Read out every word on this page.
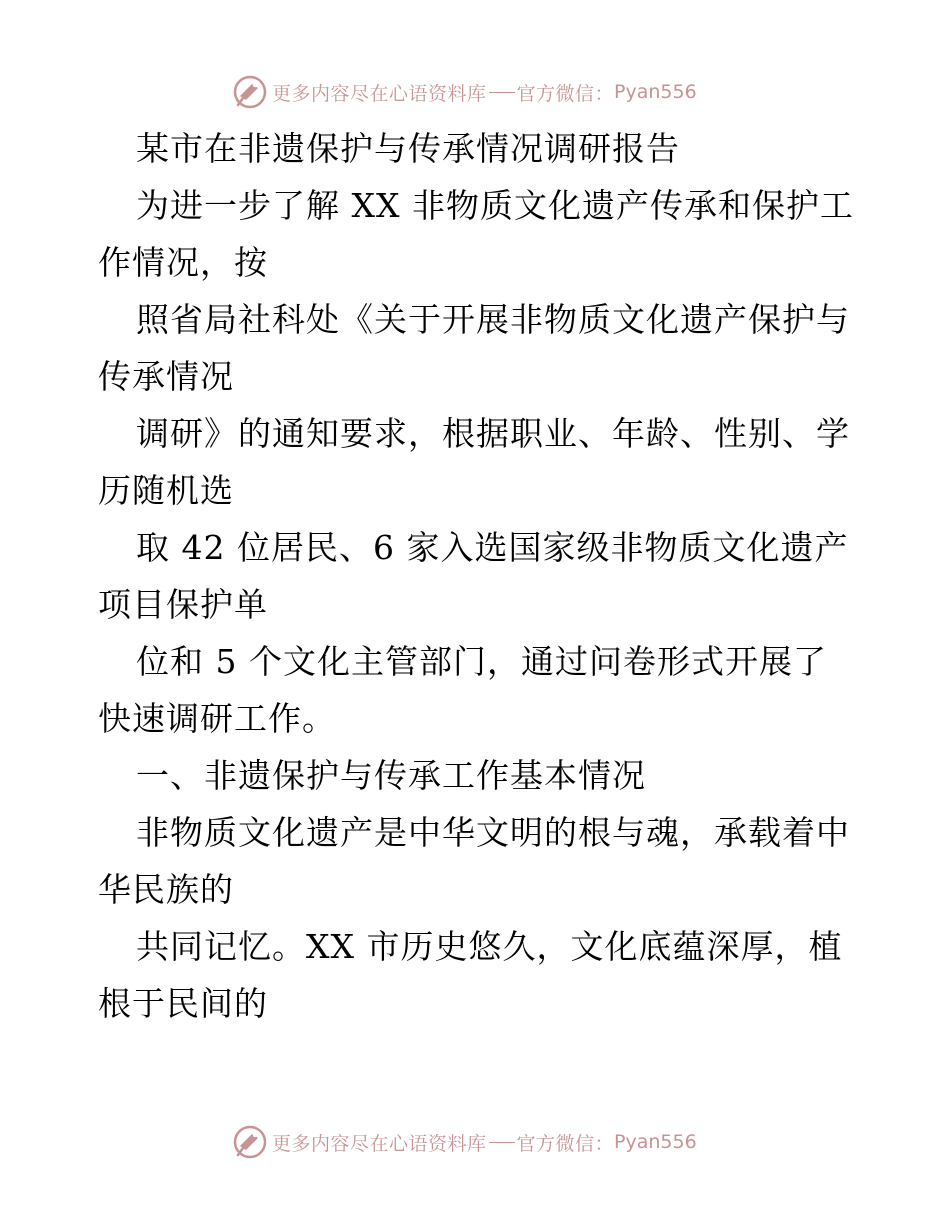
更多内容尽在心语资料库 官方微信： Pyan556
某市在非遗保护与传承情况调研报告
为进一步了解 XX 非物质文化遗产传承和保护工
作情况，按
照省局社科处《关于开展非物质文化遗产保护与
传承情况
调研》的通知要求，根据职业、年龄、性别、学
历随机选
取 42 位居民、6 家入选国家级非物质文化遗产
项目保护单
位和 5 个文化主管部门，通过问卷形式开展了
快速调研工作。
一、非遗保护与传承工作基本情况
非物质文化遗产是中华文明的根与魂，承载着中
华民族的
共同记忆。XX 市历史悠久，文化底蕴深厚，植
根于民间的
更多内容尽在心语资料库 官方微信： Pyan556
